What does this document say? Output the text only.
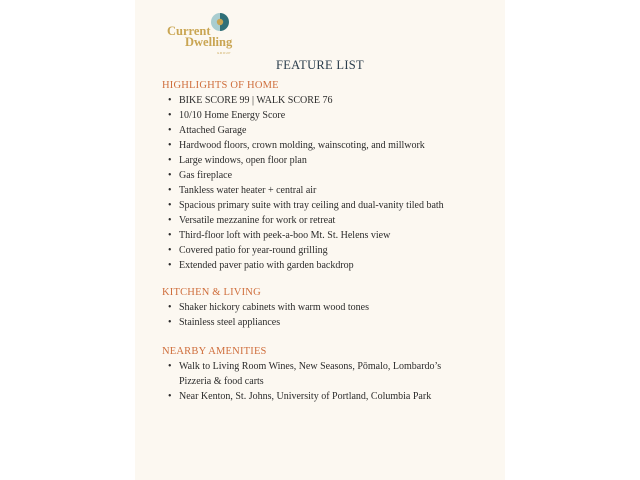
Current
Dwelling
GROUP
FEATURE LIST
HIGHLIGHTS OF HOME
• BIKE SCORE 99 | WALK SCORE 76
• 10/10 Home Energy Score
• Attached Garage
• Hardwood floors, crown molding, wainscoting, and millwork
• Large windows, open floor plan
• Gas fireplace
• Tankless water heater + central air
• Spacious primary suite with tray ceiling and dual-vanity tiled bath
• Versatile mezzanine for work or retreat
• Third-floor loft with peek-a-boo Mt. St. Helens view
• Covered patio for year-round grilling
• Extended paver patio with garden backdrop
KITCHEN & LIVING
• Shaker hickory cabinets with warm wood tones
• Stainless steel appliances
NEARBY AMENITIES
• Walk to Living Room Wines, New Seasons, Pōmalo, Lombardo’s Pizzeria & food carts
• Near Kenton, St. Johns, University of Portland, Columbia Park
